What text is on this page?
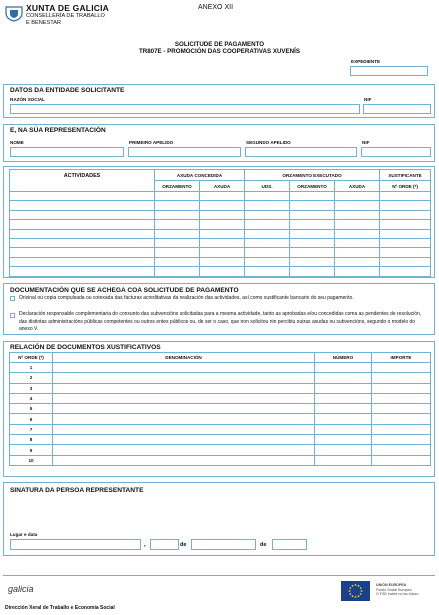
XUNTA DE GALICIA
CONSELLERÍA DE TRABALLO
E BENESTAR
ANEXO XII
SOLICITUDE DE PAGAMENTO
TR807E - PROMOCIÓN DAS COOPERATIVAS XUVENÍS
EXPEDIENTE
DATOS DA ENTIDADE SOLICITANTE
RAZÓN SOCIAL	NIF
E, NA SÚA REPRESENTACIÓN
NOME	PRIMEIRO APELIDO	SEGUNDO APELIDO	NIF
ACTIVIDADES	AXUDA CONCEDIDA		ORZAMENTO EXECUTADO			XUSTIFICANTE
	ORZAMENTO	AXUDA	UDS.	ORZAMENTO	AXUDA	Nº ORDE (*)

DOCUMENTACIÓN QUE SE ACHEGA COA SOLICITUDE DE PAGAMENTO
Orixinal ou copia compulsada ou cotexada das facturas acreditativas da realización das actividades, así como xustificante bancario do seu pagamento.
Declaración responsable complementaria do conxunto das subvencións solicitadas para a mesma actividade, tanto as aprobadas e/ou concedidas coma as pendentes de resolución, das distintas administracións públicas competentes ou outros entes públicos ou, de ser o caso, que non solicitou nin percibiu outras axudas ou subvencións, segundo o modelo do anexo V.
RELACIÓN DE DOCUMENTOS XUSTIFICATIVOS
Nº ORDE (*)	DENOMINACIÓN	NÚMERO	IMPORTE
1			
2			
3			
4			
5			
6			
7			
8			
9			
10			
SINATURA DA PERSOA REPRESENTANTE
Lugar e data
,	de	de
galicia
Dirección Xeral de Traballo e Economía Social
UNIÓN EUROPEA
Fondo Social Europeo
O FSE invirte no teu futuro
